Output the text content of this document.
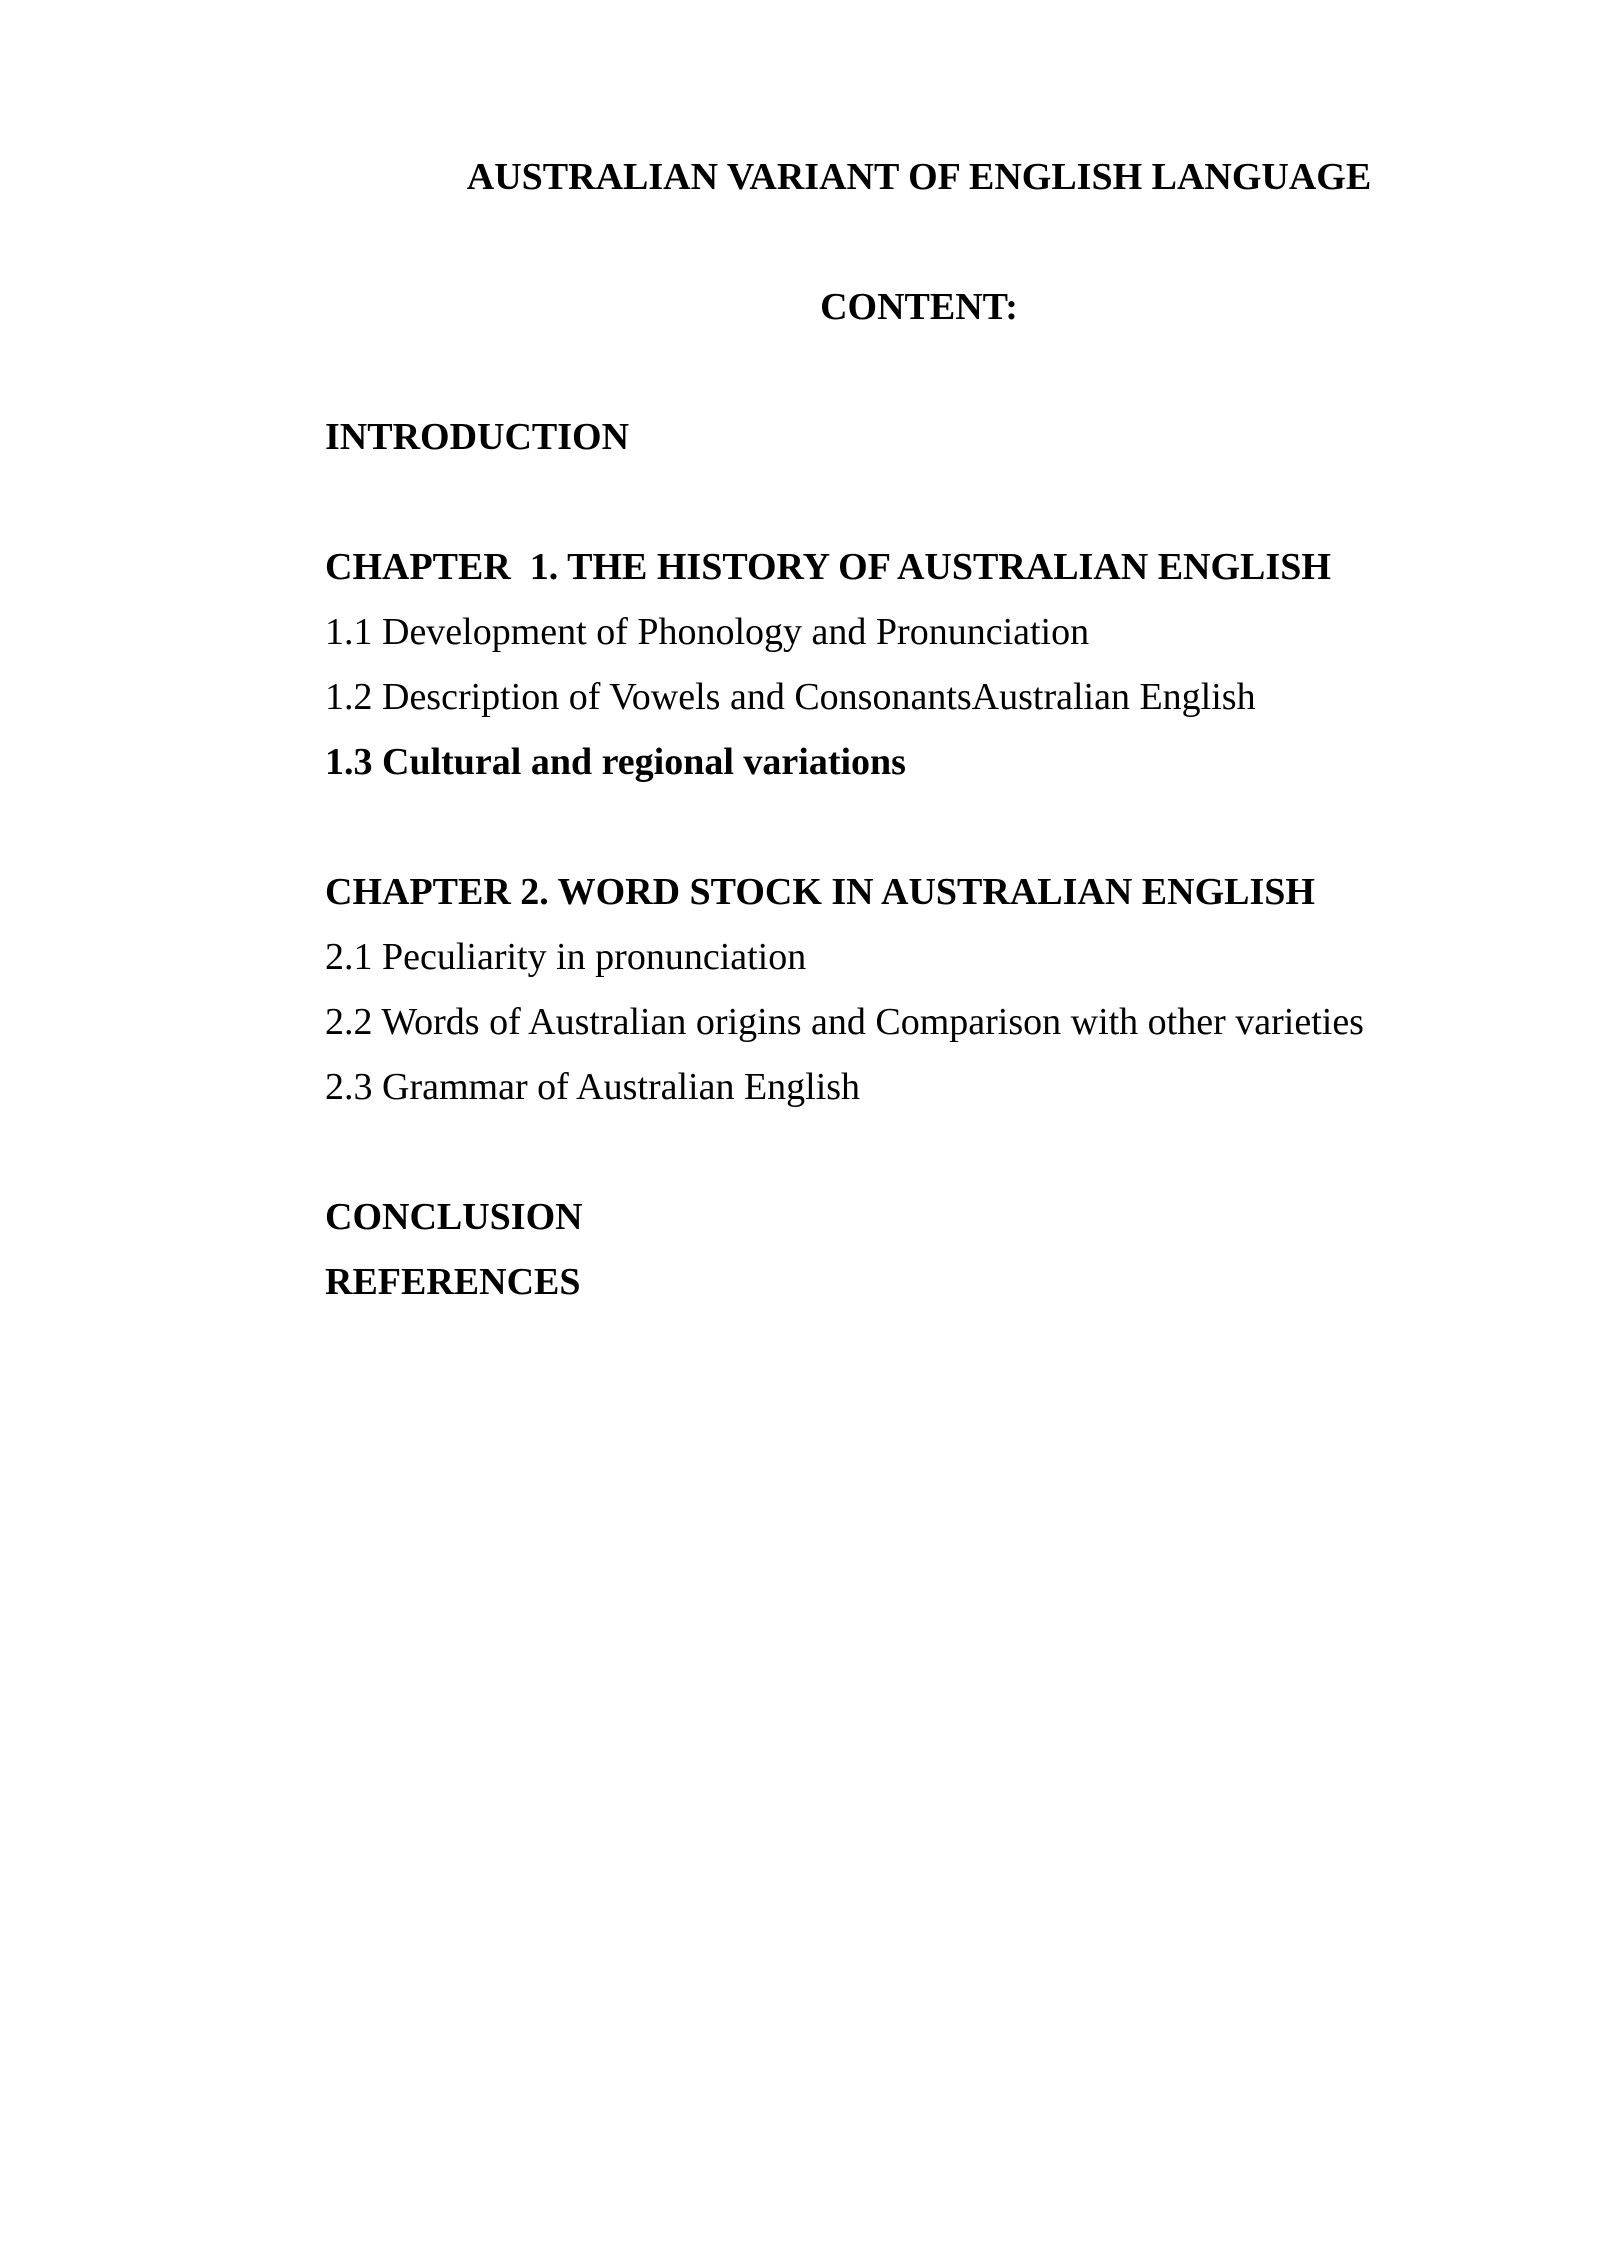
AUSTRALIAN VARIANT OF ENGLISH LANGUAGE
CONTENT:
INTRODUCTION
CHAPTER  1. THE HISTORY OF AUSTRALIAN ENGLISH
1.1 Development of Phonology and Pronunciation
1.2 Description of Vowels and ConsonantsAustralian English
1.3 Cultural and regional variations
CHAPTER 2. WORD STOCK IN AUSTRALIAN ENGLISH
2.1 Peculiarity in pronunciation
2.2 Words of Australian origins and Comparison with other varieties
2.3 Grammar of Australian English
CONCLUSION
REFERENCES
